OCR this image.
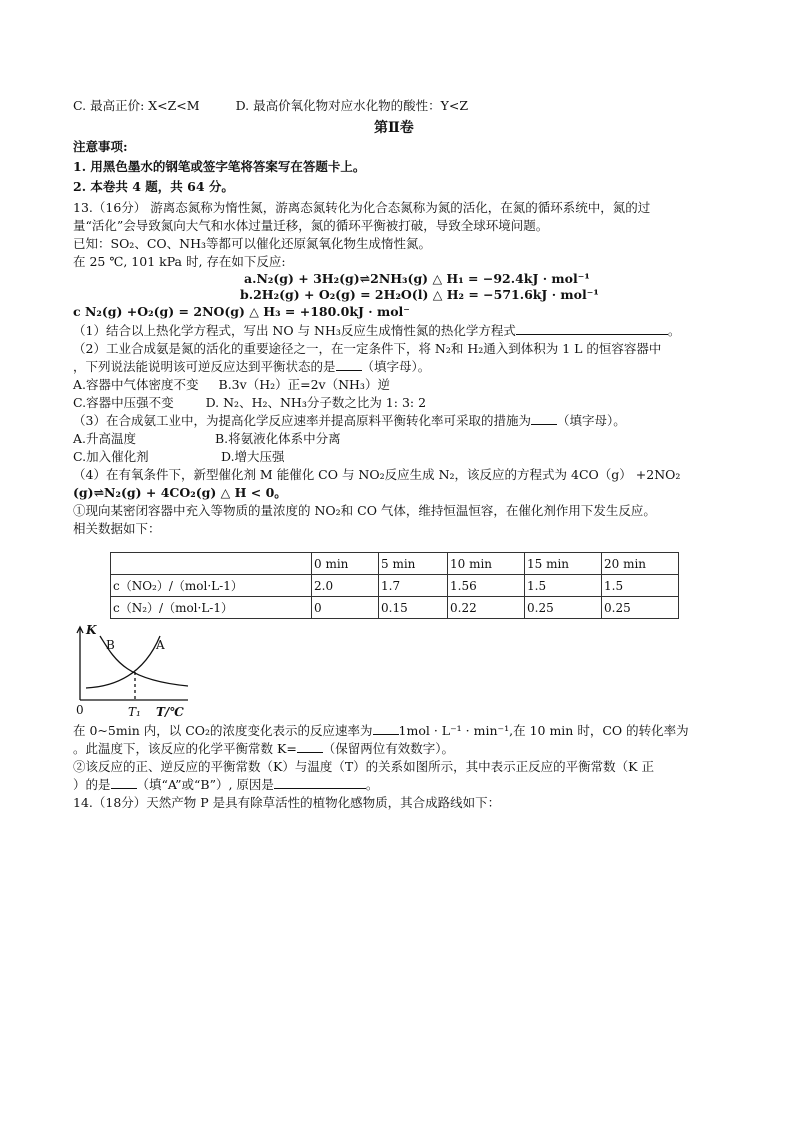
C. 最高正价: X<Z<M	D. 最高价氧化物对应水化物的酸性：Y<Z
第Ⅱ卷
注意事项:
1. 用黑色墨水的钢笔或签字笔将答案写在答题卡上。
2. 本卷共 4 题，共 64 分。
13.（16分） 游离态氮称为惰性氮，游离态氮转化为化合态氮称为氮的活化，在氮的循环系统中，氮的过
量“活化”会导致氮向大气和水体过量迁移，氮的循环平衡被打破，导致全球环境问题。
已知：SO₂、CO、NH₃等都可以催化还原氮氧化物生成惰性氮。
在 25 ℃, 101 kPa 时, 存在如下反应:
a.N₂(g) + 3H₂(g)⇌2NH₃(g) △ H₁ = −92.4kJ · mol⁻¹
b.2H₂(g) + O₂(g) = 2H₂O(l) △ H₂ = −571.6kJ · mol⁻¹
c N₂(g) +O₂(g) = 2NO(g) △ H₃ = +180.0kJ · mol⁻
（1）结合以上热化学方程式，写出 NO 与 NH₃反应生成惰性氮的热化学方程式	。
（2）工业合成氨是氮的活化的重要途径之一，在一定条件下，将 N₂和 H₂通入到体积为 1 L 的恒容容器中
，下列说法能说明该可逆反应达到平衡状态的是 （填字母）。
A.容器中气体密度不变 B.3v（H₂）正=2v（NH₃）逆
C.容器中压强不变	D. N₂、H₂、NH₃分子数之比为 1: 3: 2
（3）在合成氨工业中，为提高化学反应速率并提高原料平衡转化率可采取的措施为 （填字母）。
A.升高温度	B.将氨液化体系中分离
C.加入催化剂	D.增大压强
（4）在有氧条件下，新型催化剂 M 能催化 CO 与 NO₂反应生成 N₂，该反应的方程式为 4CO（g） +2NO₂
(g)⇌N₂(g) + 4CO₂(g) △ H < 0。
①现向某密闭容器中充入等物质的量浓度的 NO₂和 CO 气体，维持恒温恒容，在催化剂作用下发生反应。
相关数据如下：
	0 min	5 min	10 min	15 min	20 min
c（NO₂）/（mol·L-1）	2.0	1.7	1.56	1.5	1.5
c（N₂）/（mol·L-1）	0	0.15	0.22	0.25	0.25
K
B	A
0	T₁ T/℃
在 0~5min 内，以 CO₂的浓度变化表示的反应速率为 1mol · L⁻¹ · min⁻¹,在 10 min 时，CO 的转化率为
。此温度下，该反应的化学平衡常数 K= （保留两位有效数字）。
②该反应的正、逆反应的平衡常数（K）与温度（T）的关系如图所示，其中表示正反应的平衡常数（K 正
）的是 （填“A”或“B”）, 原因是	。
14.（18分）天然产物 P 是具有除草活性的植物化感物质，其合成路线如下：
